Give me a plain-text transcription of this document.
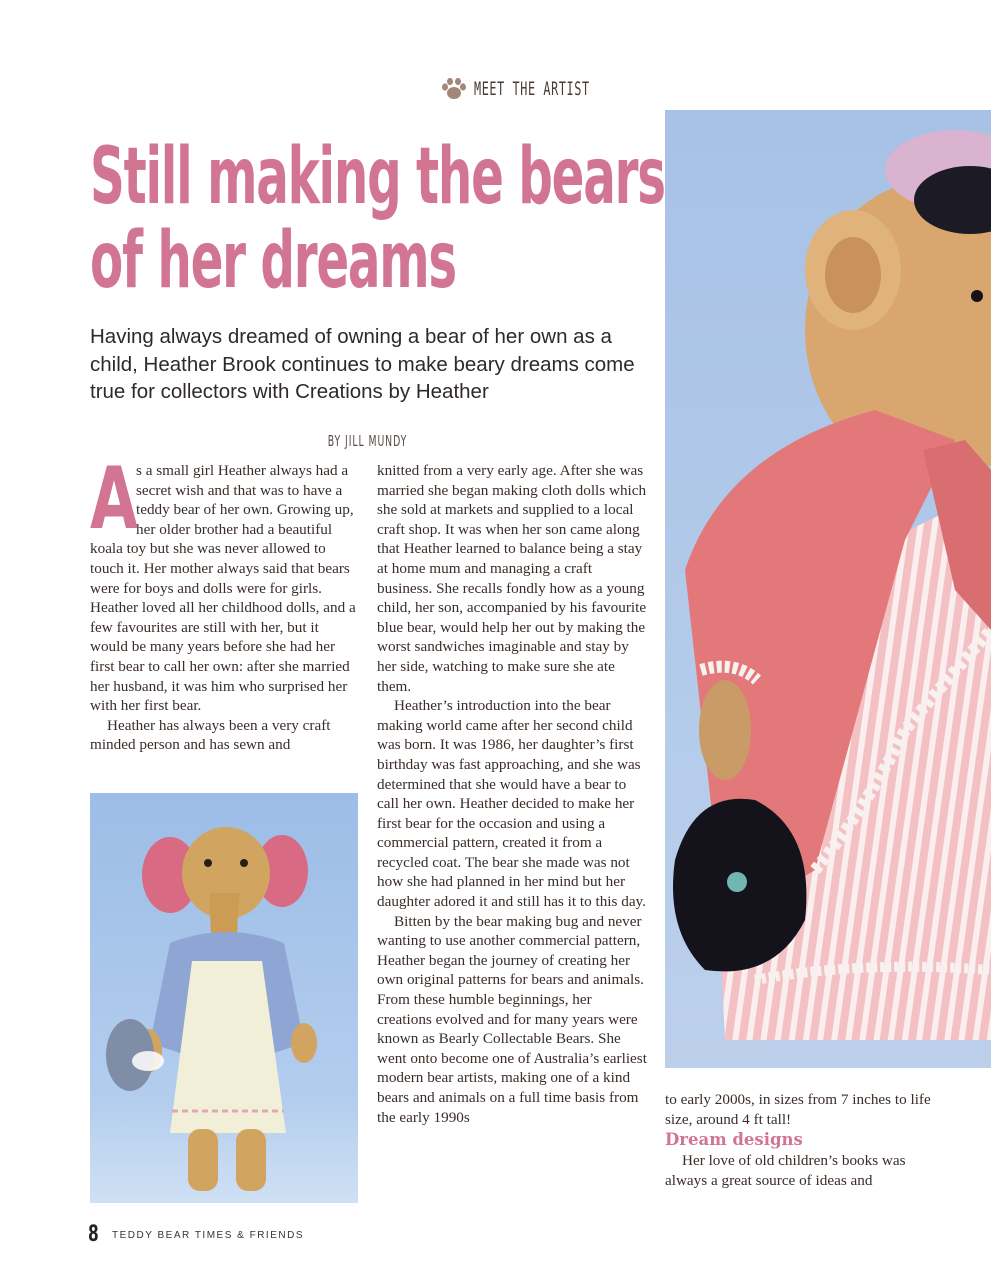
MEET THE ARTIST
Still making the bears
of her dreams
Having always dreamed of owning a bear of her own as a child, Heather Brook continues to make beary dreams come true for collectors with Creations by Heather
BY JILL MUNDY

A
s a small girl Heather always had a secret wish and that was to have a teddy bear of her own. Growing up, her older brother had a beautiful koala toy but she was never allowed to touch it. Her mother always said that bears were for boys and dolls were for girls. Heather loved all her childhood dolls, and a few favourites are still with her, but it would be many years before she had her first bear to call her own: after she married her husband, it was him who surprised her with her first bear.

Heather has always been a very craft minded person and has sewn and

knitted from a very early age. After she was married she began making cloth dolls which she sold at markets and supplied to a local craft shop. It was when her son came along that Heather learned to balance being a stay at home mum and managing a craft business. She recalls fondly how as a young child, her son, accompanied by his favourite blue bear, would help her out by making the worst sandwiches imaginable and stay by her side, watching to make sure she ate them.

Heather’s introduction into the bear making world came after her second child was born. It was 1986, her daughter’s first birthday was fast approaching, and she was determined that she would have a bear to call her own. Heather decided to make her first bear for the occasion and using a commercial pattern, created it from a recycled coat. The bear she made was not how she had planned in her mind but her daughter adored it and still has it to this day.

Bitten by the bear making bug and never wanting to use another commercial pattern, Heather began the journey of creating her own original patterns for bears and animals. From these humble beginnings, her creations evolved and for many years were known as Bearly Collectable Bears. She went onto become one of Australia’s earliest modern bear artists, making one of a kind bears and animals on a full time basis from the early 1990s

to early 2000s, in sizes from 7 inches to life size, around 4 ft tall!

Dream designs

Her love of old children’s books was always a great source of ideas and

8 TEDDY BEAR TIMES & FRIENDS
